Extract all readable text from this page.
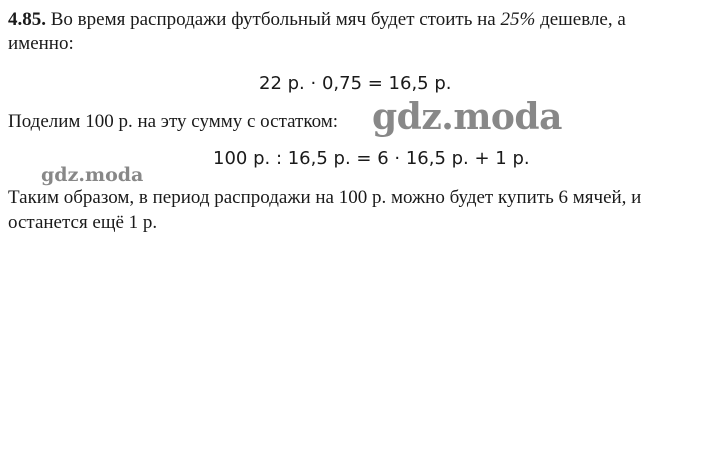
4.85. Во время распродажи футбольный мяч будет стоить на 25% дешевле, а
именно:
22 р. · 0,75 = 16,5 р.
Поделим 100 р. на эту сумму с остатком:
100 р. : 16,5 р. = 6 · 16,5 р. + 1 р.
Таким образом, в период распродажи на 100 р. можно будет купить 6 мячей, и
останется ещё 1 р.
gdz.moda
gdz.moda
